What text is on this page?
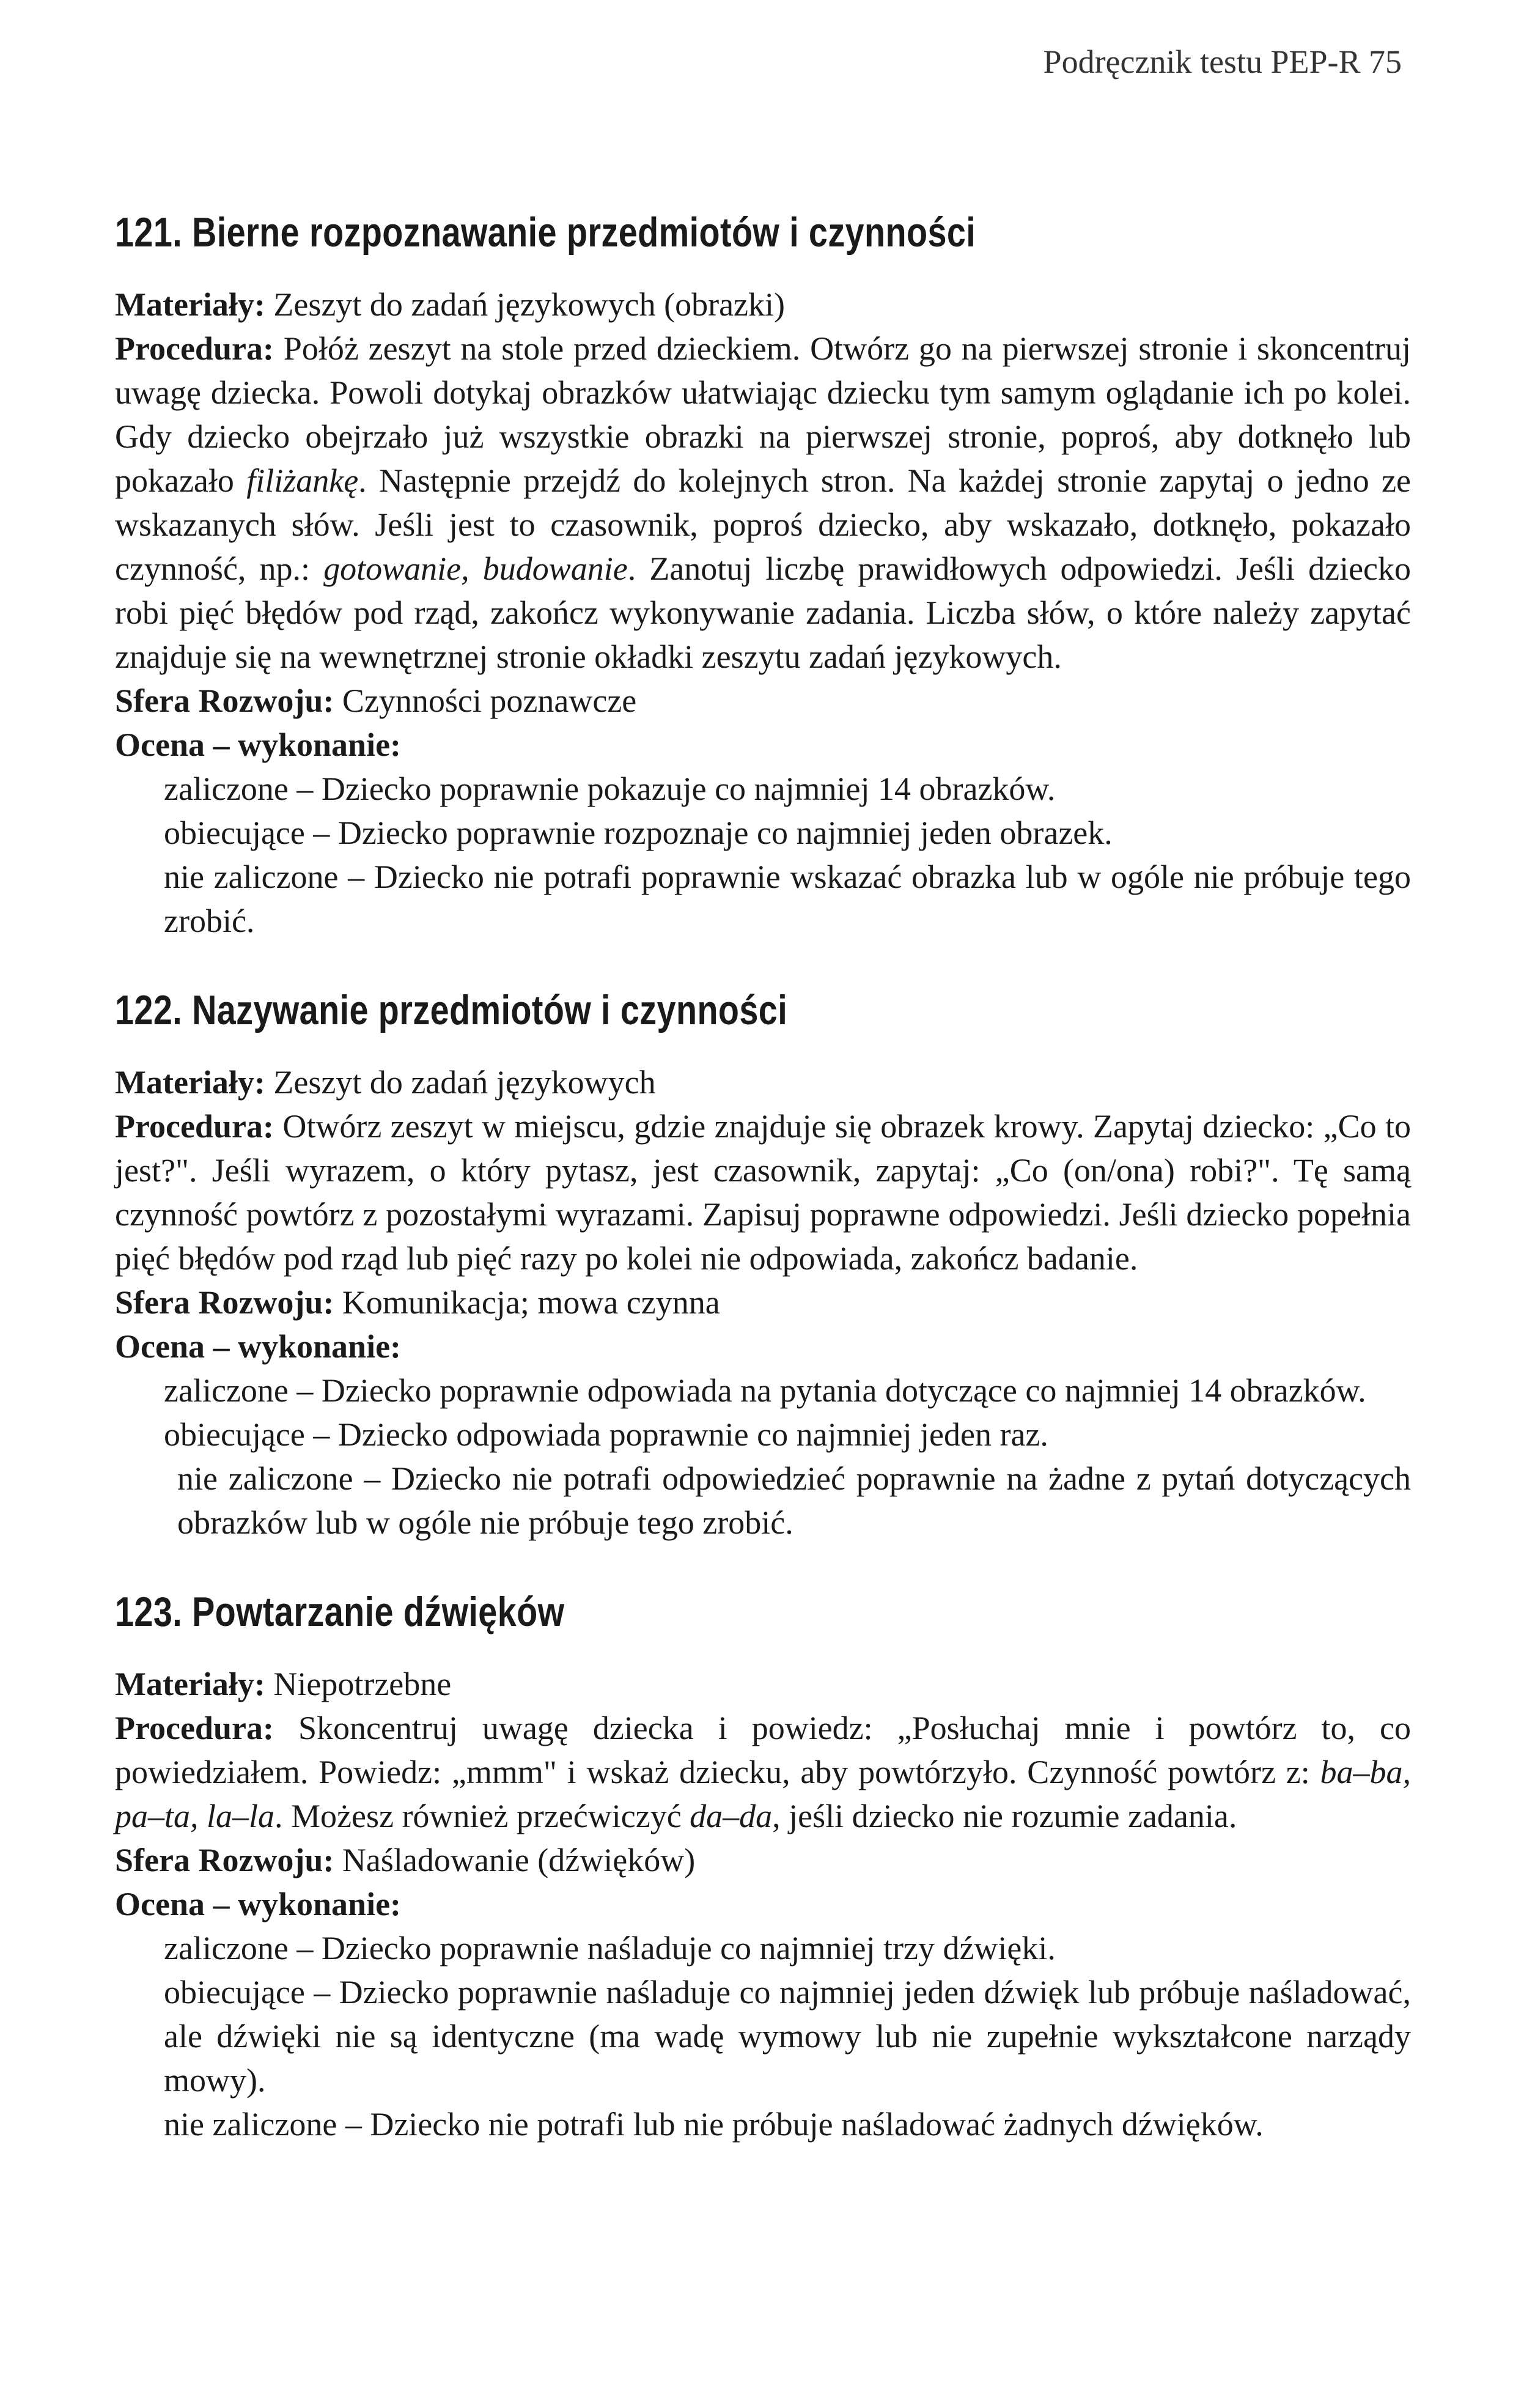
Podręcznik testu PEP-R 75
121. Bierne rozpoznawanie przedmiotów i czynności

Materiały: Zeszyt do zadań językowych (obrazki)

Procedura: Połóż zeszyt na stole przed dzieckiem. Otwórz go na pierwszej stronie i skoncentruj uwagę dziecka. Powoli dotykaj obrazków ułatwiając dziecku tym samym oglądanie ich po kolei. Gdy dziecko obejrzało już wszystkie obrazki na pierwszej stronie, poproś, aby dotknęło lub pokazało filiżankę. Następnie przejdź do kolejnych stron. Na każdej stronie zapytaj o jedno ze wskazanych słów. Jeśli jest to czasownik, poproś dziecko, aby wskazało, dotknęło, pokazało czynność, np.: gotowanie, budowanie. Zanotuj liczbę prawidłowych odpowiedzi. Jeśli dziecko robi pięć błędów pod rząd, zakończ wykonywanie zadania. Liczba słów, o które należy zapytać znajduje się na wewnętrznej stronie okładki zeszytu zadań językowych.

Sfera Rozwoju: Czynności poznawcze

Ocena – wykonanie:

zaliczone – Dziecko poprawnie pokazuje co najmniej 14 obrazków.

obiecujące – Dziecko poprawnie rozpoznaje co najmniej jeden obrazek.

nie zaliczone – Dziecko nie potrafi poprawnie wskazać obrazka lub w ogóle nie próbuje tego zrobić.

122. Nazywanie przedmiotów i czynności

Materiały: Zeszyt do zadań językowych

Procedura: Otwórz zeszyt w miejscu, gdzie znajduje się obrazek krowy. Zapytaj dziecko: „Co to jest?". Jeśli wyrazem, o który pytasz, jest czasownik, zapytaj: „Co (on/ona) robi?". Tę samą czynność powtórz z pozostałymi wyrazami. Zapisuj poprawne odpowiedzi. Jeśli dziecko popełnia pięć błędów pod rząd lub pięć razy po kolei nie odpowiada, zakończ badanie.

Sfera Rozwoju: Komunikacja; mowa czynna

Ocena – wykonanie:

zaliczone – Dziecko poprawnie odpowiada na pytania dotyczące co najmniej 14 obrazków.

obiecujące – Dziecko odpowiada poprawnie co najmniej jeden raz.

nie zaliczone – Dziecko nie potrafi odpowiedzieć poprawnie na żadne z pytań dotyczących obrazków lub w ogóle nie próbuje tego zrobić.

123. Powtarzanie dźwięków

Materiały: Niepotrzebne

Procedura: Skoncentruj uwagę dziecka i powiedz: „Posłuchaj mnie i powtórz to, co powiedziałem. Powiedz: „mmm" i wskaż dziecku, aby powtórzyło. Czynność powtórz z: ba–ba, pa–ta, la–la. Możesz również przećwiczyć da–da, jeśli dziecko nie rozumie zadania.

Sfera Rozwoju: Naśladowanie (dźwięków)

Ocena – wykonanie:

zaliczone – Dziecko poprawnie naśladuje co najmniej trzy dźwięki.

obiecujące – Dziecko poprawnie naśladuje co najmniej jeden dźwięk lub próbuje naśladować, ale dźwięki nie są identyczne (ma wadę wymowy lub nie zupełnie wykształcone narządy mowy).

nie zaliczone – Dziecko nie potrafi lub nie próbuje naśladować żadnych dźwięków.
